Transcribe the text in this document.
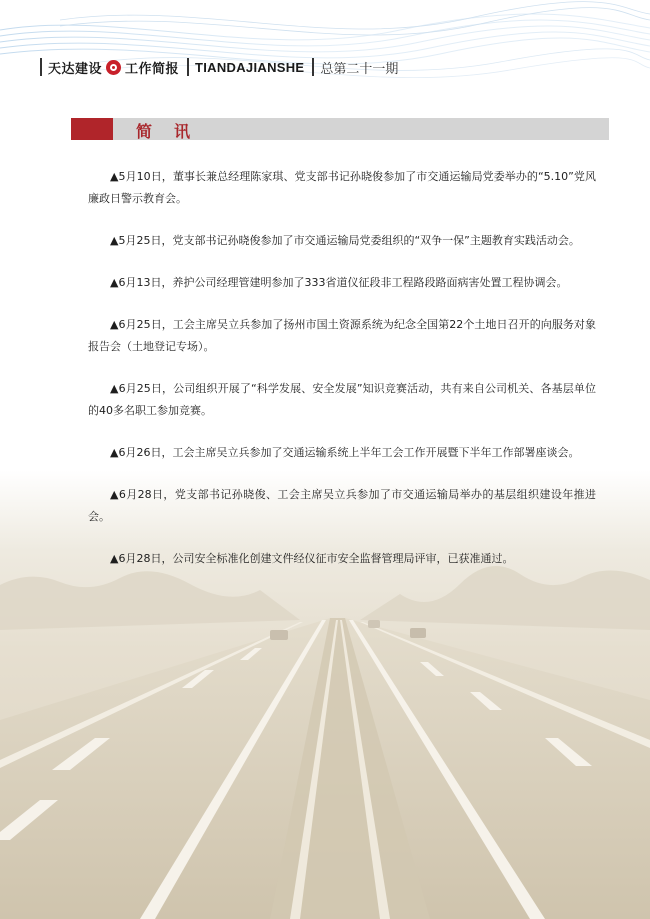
天达建设 工作简报 TIANDAJIANSHE 总第二十一期
简讯

▲5月10日，董事长兼总经理陈家琪、党支部书记孙晓俊参加了市交通运输局党委举办的“5.10”党风廉政日警示教育会。

▲5月25日，党支部书记孙晓俊参加了市交通运输局党委组织的“双争一保”主题教育实践活动会。

▲6月13日，养护公司经理管建明参加了333省道仪征段非工程路段路面病害处置工程协调会。

▲6月25日，工会主席吴立兵参加了扬州市国土资源系统为纪念全国第22个土地日召开的向服务对象报告会（土地登记专场）。

▲6月25日，公司组织开展了“科学发展、安全发展”知识竞赛活动，共有来自公司机关、各基层单位的40多名职工参加竞赛。

▲6月26日，工会主席吴立兵参加了交通运输系统上半年工会工作开展暨下半年工作部署座谈会。

▲6月28日，党支部书记孙晓俊、工会主席吴立兵参加了市交通运输局举办的基层组织建设年推进会。

▲6月28日，公司安全标准化创建文件经仪征市安全监督管理局评审，已获准通过。
